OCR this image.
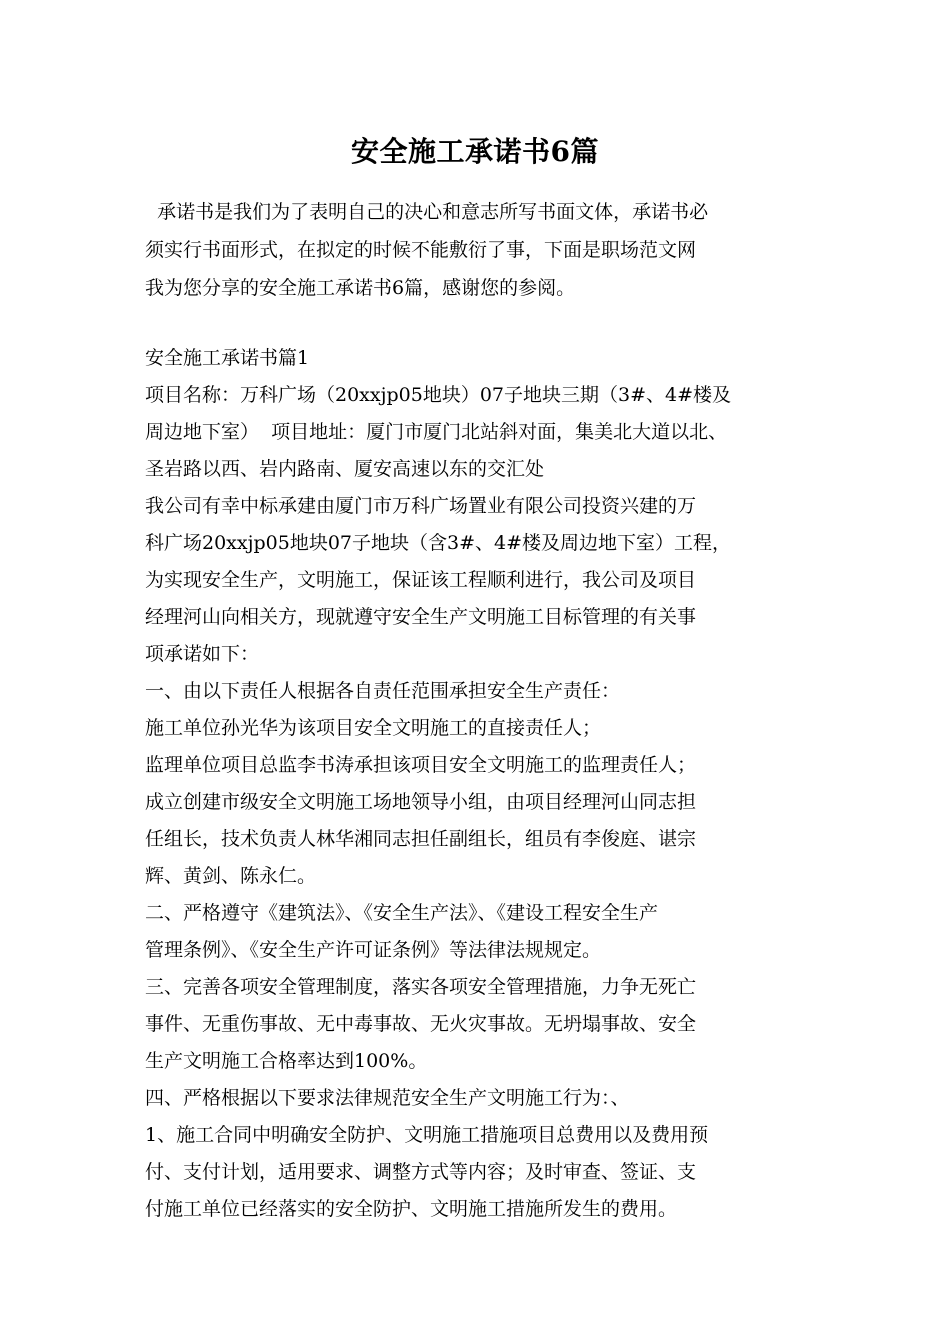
安全施工承诺书6篇
承诺书是我们为了表明自己的决心和意志所写书面文体，承诺书必
须实行书面形式，在拟定的时候不能敷衍了事，下面是职场范文网
我为您分享的安全施工承诺书6篇，感谢您的参阅。
安全施工承诺书篇1
项目名称：万科广场（20xxjp05地块）07子地块三期（3#、4#楼及
周边地下室）  项目地址：厦门市厦门北站斜对面，集美北大道以北、
圣岩路以西、岩内路南、厦安高速以东的交汇处
我公司有幸中标承建由厦门市万科广场置业有限公司投资兴建的万
科广场20xxjp05地块07子地块（含3#、4#楼及周边地下室）工程，
为实现安全生产，文明施工，保证该工程顺利进行，我公司及项目
经理河山向相关方，现就遵守安全生产文明施工目标管理的有关事
项承诺如下：
一、由以下责任人根据各自责任范围承担安全生产责任：
施工单位孙光华为该项目安全文明施工的直接责任人；
监理单位项目总监李书涛承担该项目安全文明施工的监理责任人；
成立创建市级安全文明施工场地领导小组，由项目经理河山同志担
任组长，技术负责人林华湘同志担任副组长，组员有李俊庭、谌宗
辉、黄剑、陈永仁。
二、严格遵守《建筑法》、《安全生产法》、《建设工程安全生产
管理条例》、《安全生产许可证条例》等法律法规规定。
三、完善各项安全管理制度，落实各项安全管理措施，力争无死亡
事件、无重伤事故、无中毒事故、无火灾事故。无坍塌事故、安全
生产文明施工合格率达到100%。
四、严格根据以下要求法律规范安全生产文明施工行为：、
1、施工合同中明确安全防护、文明施工措施项目总费用以及费用预
付、支付计划，适用要求、调整方式等内容；及时审查、签证、支
付施工单位已经落实的安全防护、文明施工措施所发生的费用。
